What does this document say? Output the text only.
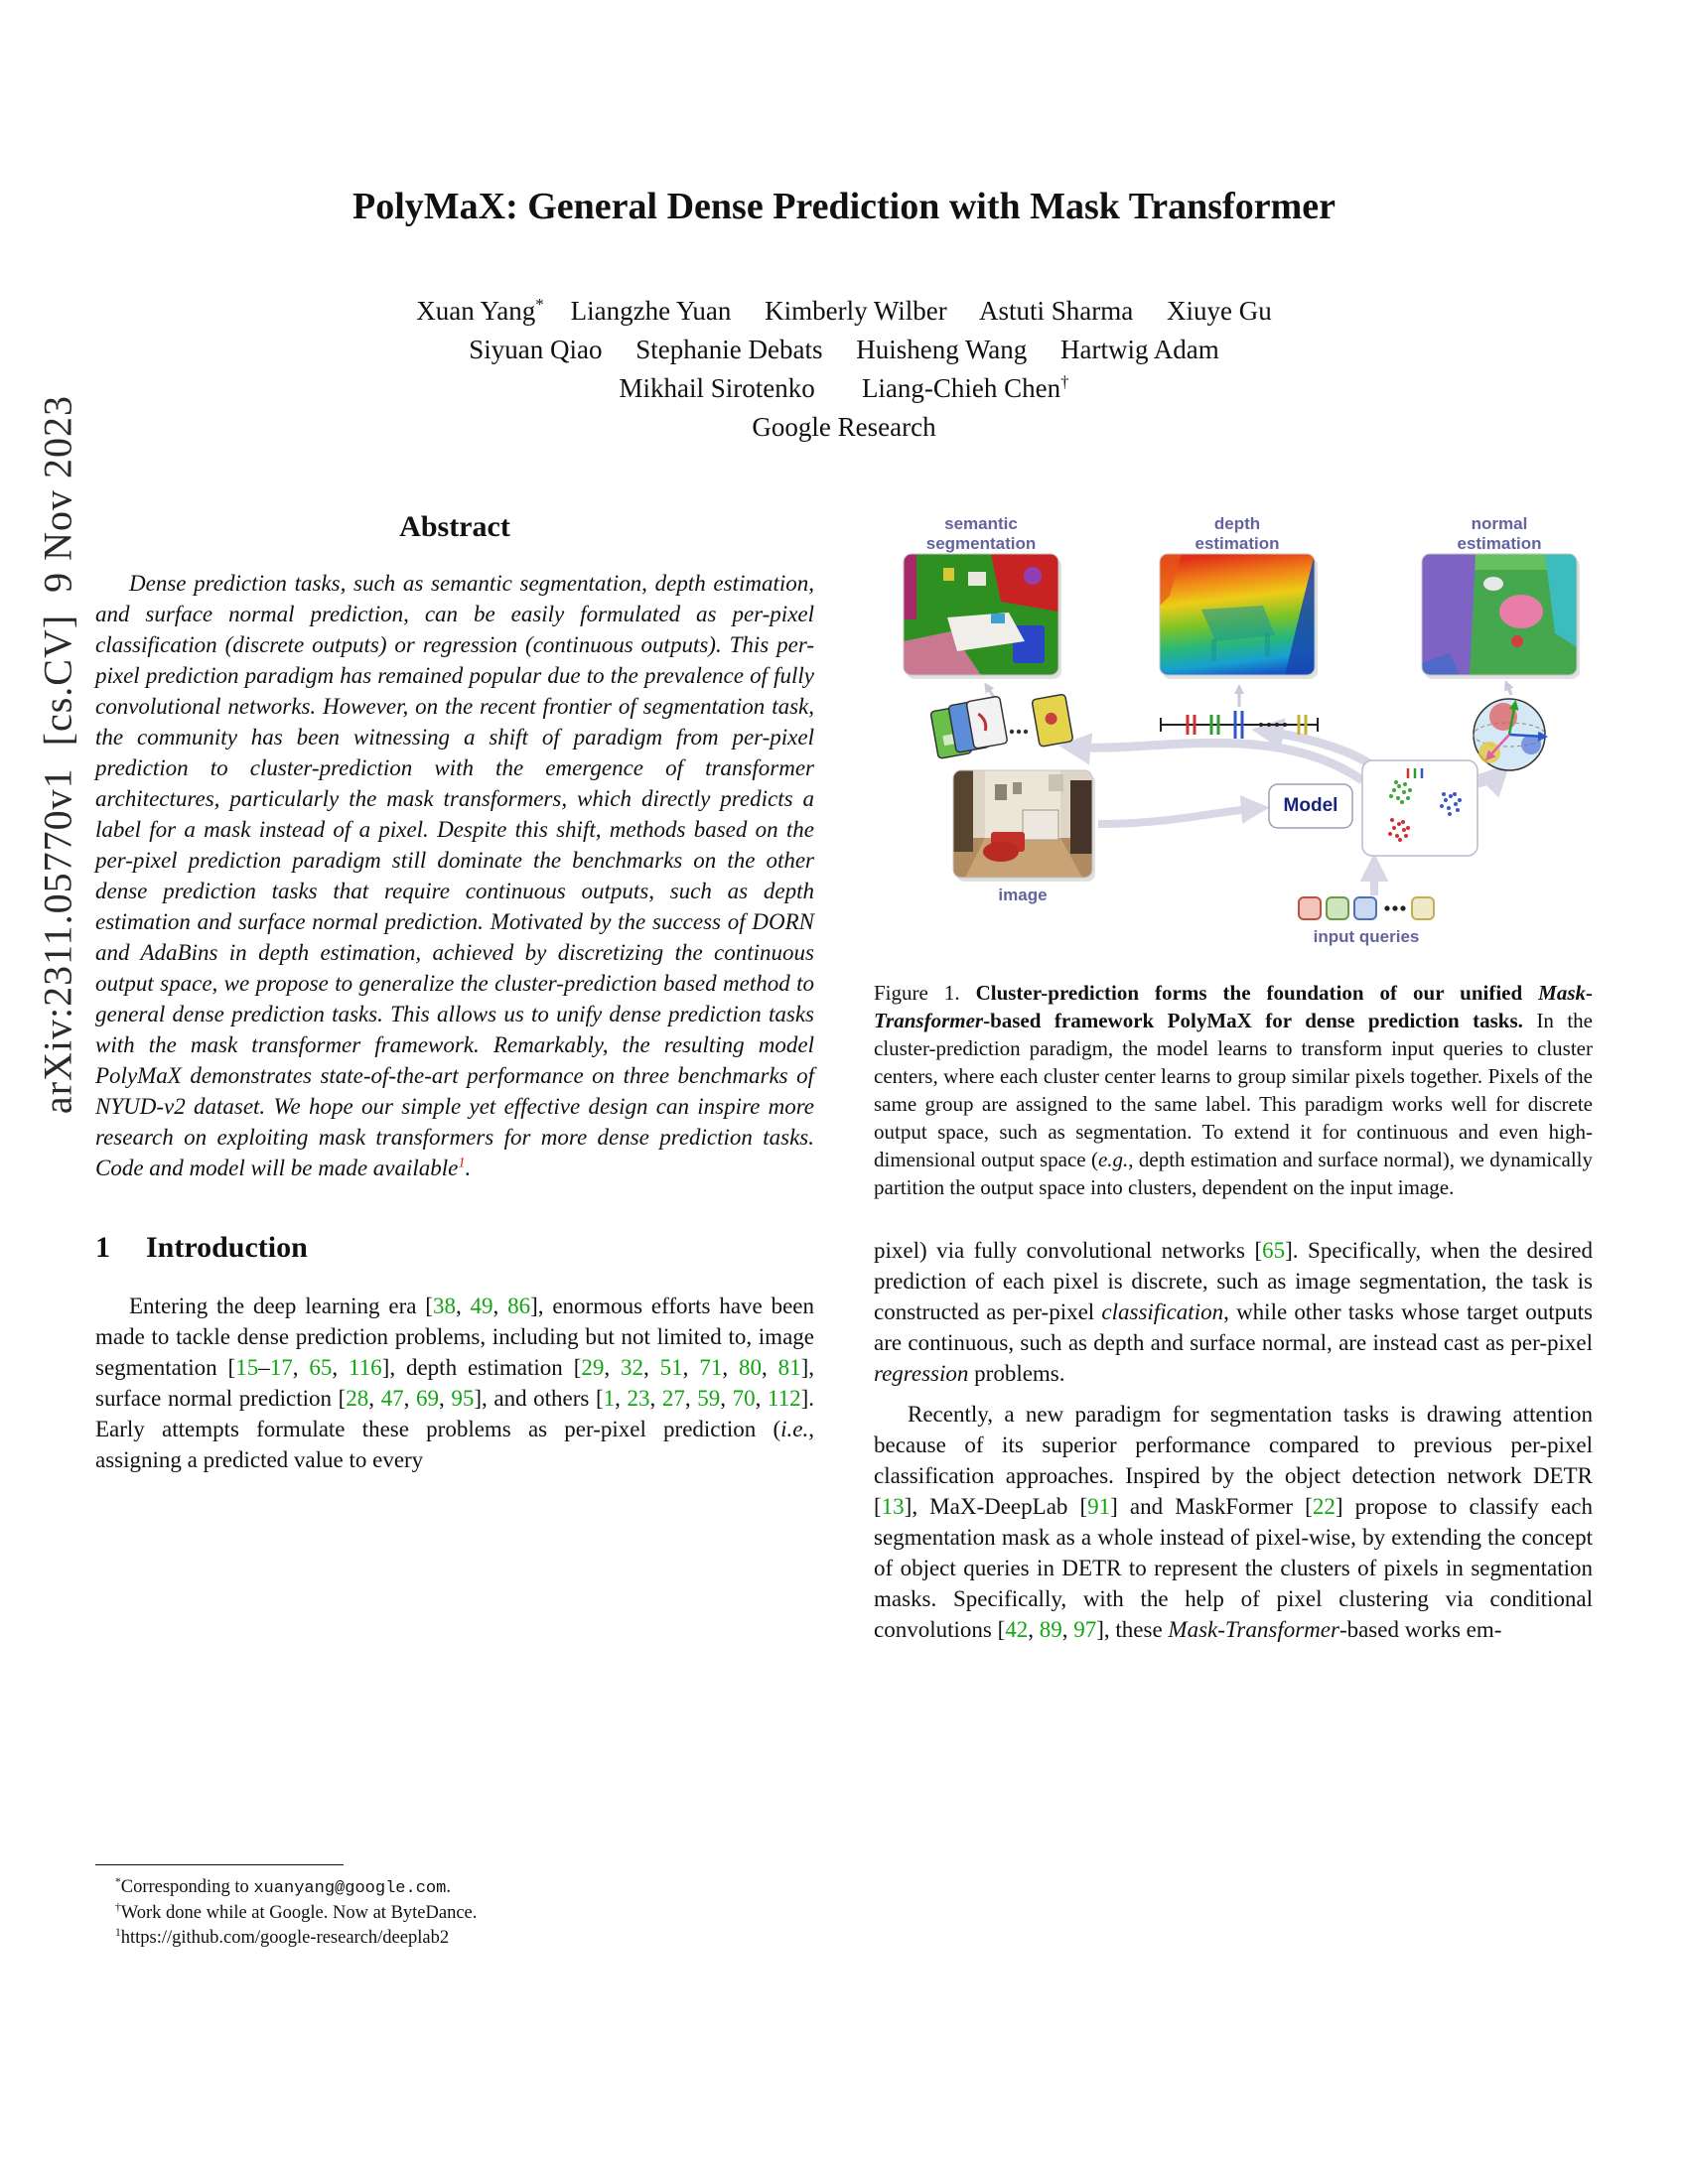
arXiv:2311.05770v1  [cs.CV]  9 Nov 2023
PolyMaX: General Dense Prediction with Mask Transformer
Xuan Yang*    Liangzhe Yuan     Kimberly Wilber     Astuti Sharma     Xiuye Gu
Siyuan Qiao     Stephanie Debats     Huisheng Wang     Hartwig Adam
Mikhail Sirotenko       Liang-Chieh Chen†
Google Research
Abstract

Dense prediction tasks, such as semantic segmentation, depth estimation, and surface normal prediction, can be easily formulated as per-pixel classification (discrete outputs) or regression (continuous outputs). This per-pixel prediction paradigm has remained popular due to the prevalence of fully convolutional networks. However, on the recent frontier of segmentation task, the community has been witnessing a shift of paradigm from per-pixel prediction to cluster-prediction with the emergence of transformer architectures, particularly the mask transformers, which directly predicts a label for a mask instead of a pixel. Despite this shift, methods based on the per-pixel prediction paradigm still dominate the benchmarks on the other dense prediction tasks that require continuous outputs, such as depth estimation and surface normal prediction. Motivated by the success of DORN and AdaBins in depth estimation, achieved by discretizing the continuous output space, we propose to generalize the cluster-prediction based method to general dense prediction tasks. This allows us to unify dense prediction tasks with the mask transformer framework. Remarkably, the resulting model PolyMaX demonstrates state-of-the-art performance on three benchmarks of NYUD-v2 dataset. We hope our simple yet effective design can inspire more research on exploiting mask transformers for more dense prediction tasks. Code and model will be made available$^1$.

1 Introduction

Entering the deep learning era [38, 49, 86], enormous efforts have been made to tackle dense prediction problems, including but not limited to, image segmentation [15–17, 65, 116], depth estimation [29, 32, 51, 71, 80, 81], surface normal prediction [28, 47, 69, 95], and others [1, 23, 27, 59, 70, 112]. Early attempts formulate these problems as per-pixel prediction (i.e., assigning a predicted value to every

*Corresponding to xuanyang@google.com.
†Work done while at Google. Now at ByteDance.
$^1$https://github.com/google-research/deeplab2
semantic
segmentation
depth
estimation
normal
estimation
image
Model
input queries

Figure 1. Cluster-prediction forms the foundation of our unified Mask-Transformer-based framework PolyMaX for dense prediction tasks. In the cluster-prediction paradigm, the model learns to transform input queries to cluster centers, where each cluster center learns to group similar pixels together. Pixels of the same group are assigned to the same label. This paradigm works well for discrete output space, such as segmentation. To extend it for continuous and even high-dimensional output space (e.g., depth estimation and surface normal), we dynamically partition the output space into clusters, dependent on the input image.

pixel) via fully convolutional networks [65]. Specifically, when the desired prediction of each pixel is discrete, such as image segmentation, the task is constructed as per-pixel classification, while other tasks whose target outputs are continuous, such as depth and surface normal, are instead cast as per-pixel regression problems.

Recently, a new paradigm for segmentation tasks is drawing attention because of its superior performance compared to previous per-pixel classification approaches. Inspired by the object detection network DETR [13], MaX-DeepLab [91] and MaskFormer [22] propose to classify each segmentation mask as a whole instead of pixel-wise, by extending the concept of object queries in DETR to represent the clusters of pixels in segmentation masks. Specifically, with the help of pixel clustering via conditional convolutions [42, 89, 97], these Mask-Transformer-based works em-
